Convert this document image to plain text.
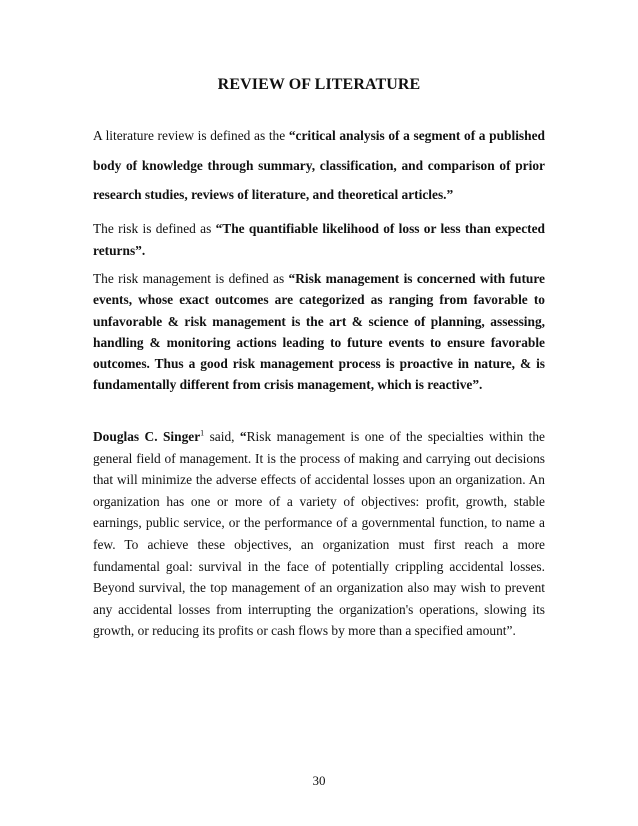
REVIEW OF LITERATURE

A literature review is defined as the “critical analysis of a segment of a published body of knowledge through summary, classification, and comparison of prior research studies, reviews of literature, and theoretical articles.”

The risk is defined as “The quantifiable likelihood of loss or less than expected returns”.

The risk management is defined as “Risk management is concerned with future events, whose exact outcomes are categorized as ranging from favorable to unfavorable & risk management is the art & science of planning, assessing, handling & monitoring actions leading to future events to ensure favorable outcomes. Thus a good risk management process is proactive in nature, & is fundamentally different from crisis management, which is reactive”.

Douglas C. Singer$^1$ said, “Risk management is one of the specialties within the general field of management. It is the process of making and carrying out decisions that will minimize the adverse effects of accidental losses upon an organization. An organization has one or more of a variety of objectives: profit, growth, stable earnings, public service, or the performance of a governmental function, to name a few. To achieve these objectives, an organization must first reach a more fundamental goal: survival in the face of potentially crippling accidental losses. Beyond survival, the top management of an organization also may wish to prevent any accidental losses from interrupting the organization's operations, slowing its growth, or reducing its profits or cash flows by more than a specified amount”.

30
